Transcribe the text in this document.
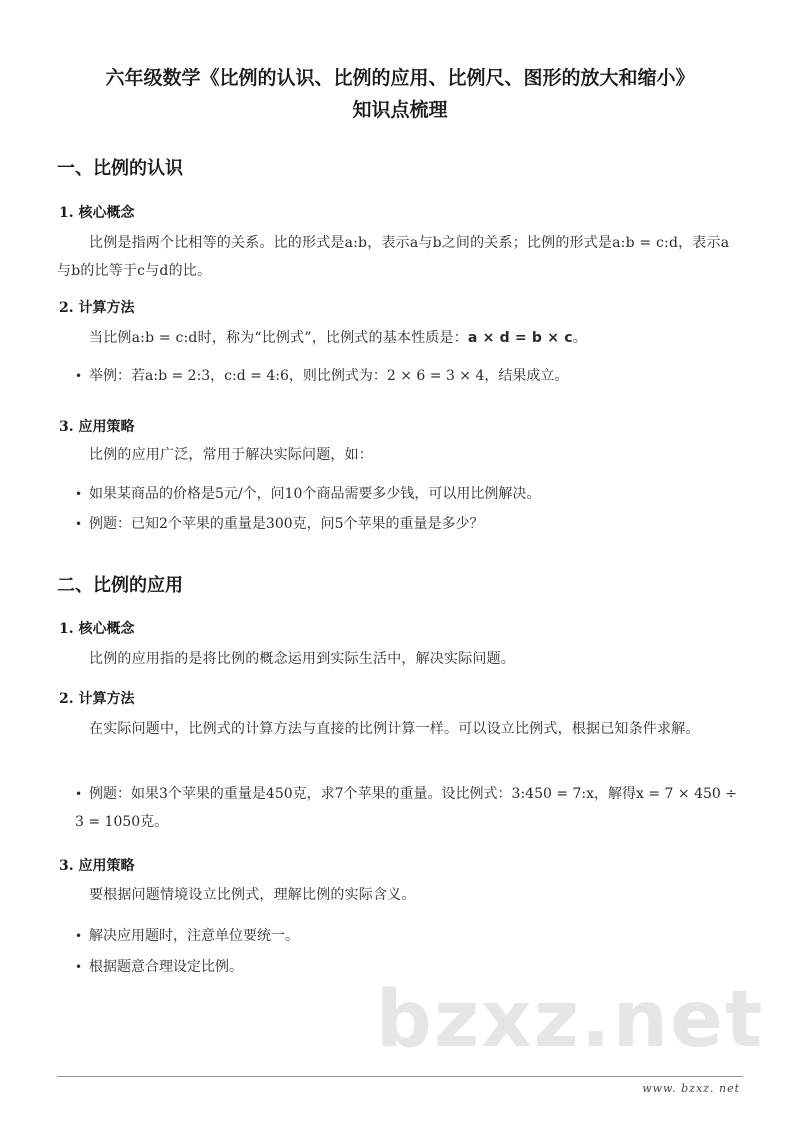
bzxz.net
六年级数学《比例的认识、比例的应用、比例尺、图形的放大和缩小》
知识点梳理
一、比例的认识
1. 核心概念
比例是指两个比相等的关系。比的形式是a:b，表示a与b之间的关系；比例的形式是a:b = c:d，表示a与b的比等于c与d的比。
2. 计算方法
当比例a:b = c:d时，称为“比例式”，比例式的基本性质是：a × d = b × c。
• 举例：若a:b = 2:3，c:d = 4:6，则比例式为：2 × 6 = 3 × 4，结果成立。
3. 应用策略
比例的应用广泛，常用于解决实际问题，如：
• 如果某商品的价格是5元/个，问10个商品需要多少钱，可以用比例解决。
• 例题：已知2个苹果的重量是300克，问5个苹果的重量是多少？
二、比例的应用
1. 核心概念
比例的应用指的是将比例的概念运用到实际生活中，解决实际问题。
2. 计算方法
在实际问题中，比例式的计算方法与直接的比例计算一样。可以设立比例式，根据已知条件求解。
• 例题：如果3个苹果的重量是450克，求7个苹果的重量。设比例式：3:450 = 7:x，解得x = 7 × 450 ÷ 3 = 1050克。
3. 应用策略
要根据问题情境设立比例式，理解比例的实际含义。
• 解决应用题时，注意单位要统一。
• 根据题意合理设定比例。
www. bzxz. net
